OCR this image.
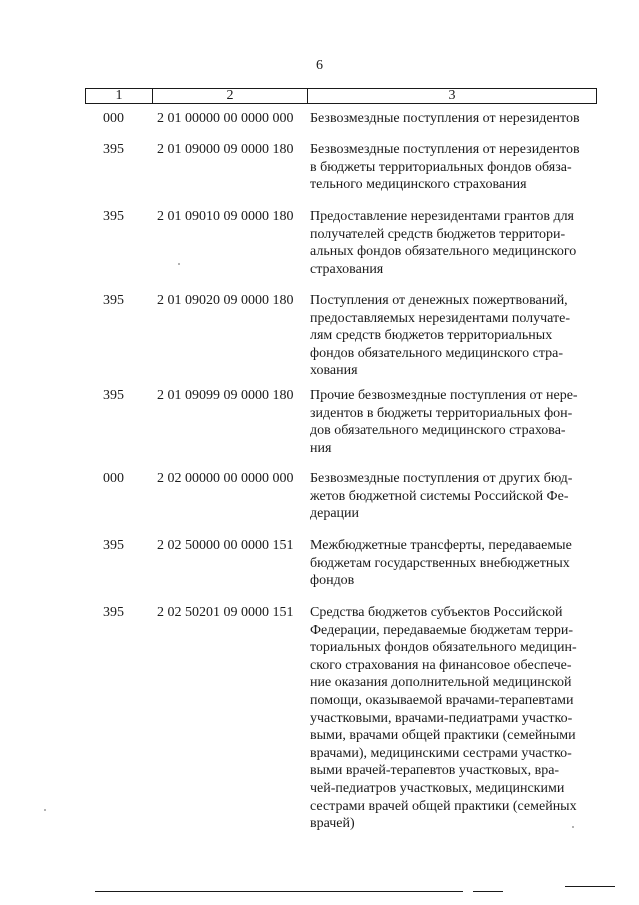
6
1	2	3
000	2 01 00000 00 0000 000	Безвозмездные поступления от нерезидентов
395	2 01 09000 09 0000 180	Безвозмездные поступления от нерезидентов
в бюджеты территориальных фондов обяза-
тельного медицинского страхования
395	2 01 09010 09 0000 180	Предоставление нерезидентами грантов для
получателей средств бюджетов территори-
альных фондов обязательного медицинского
страхования
395	2 01 09020 09 0000 180	Поступления от денежных пожертвований,
предоставляемых нерезидентами получате-
лям средств бюджетов территориальных
фондов обязательного медицинского стра-
хования
395	2 01 09099 09 0000 180	Прочие безвозмездные поступления от нере-
зидентов в бюджеты территориальных фон-
дов обязательного медицинского страхова-
ния
000	2 02 00000 00 0000 000	Безвозмездные поступления от других бюд-
жетов бюджетной системы Российской Фе-
дерации
395	2 02 50000 00 0000 151	Межбюджетные трансферты, передаваемые
бюджетам государственных внебюджетных
фондов
395	2 02 50201 09 0000 151	Средства бюджетов субъектов Российской
Федерации, передаваемые бюджетам терри-
ториальных фондов обязательного медицин-
ского страхования на финансовое обеспече-
ние оказания дополнительной медицинской
помощи, оказываемой врачами-терапевтами
участковыми, врачами-педиатрами участко-
выми, врачами общей практики (семейными
врачами), медицинскими сестрами участко-
выми врачей-терапевтов участковых, вра-
чей-педиатров участковых, медицинскими
сестрами врачей общей практики (семейных
врачей)
